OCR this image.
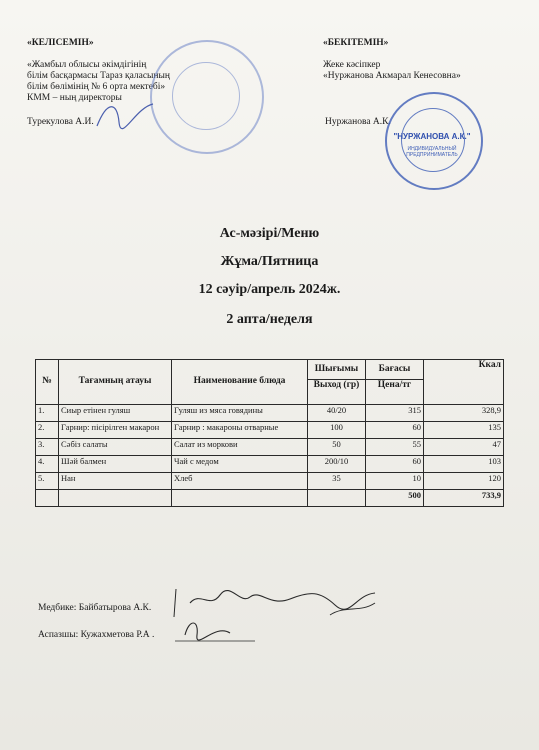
«КЕЛІСЕМІН»
«Жамбыл облысы әкімдігінің
білім басқармасы Тараз қаласының
білім бөлімінің № 6 орта мектебі»
КММ – ның директоры
Турекулова А.И.
«БЕКІТЕМІН»
Жеке кәсіпкер
«Нуржанова Акмарал Кенесовна»
Нуржанова А.К.
"НУРЖАНОВА А.К."
ИНДИВИДУАЛЬНЫЙ ПРЕДПРИНИМАТЕЛЬ
Ас-мәзірі/Меню
Жұма/Пятница
12 сәуір/апрель 2024ж.
2 апта/неделя
№	Тағамның атауы	Наименование блюда	Шығымы	Бағасы	Ккал
			Выход (гр)	Цена/тг	
1.	Сиыр етінен гуляш	Гуляш из мяса говядины	40/20	315	328,9
2.	Гарнир: пісірілген макарон	Гарнир : макароны отварные	100	60	135
3.	Сәбіз салаты	Салат из моркови	50	55	47
4.	Шәй балмен	Чай с медом	200/10	60	103
5.	Нан	Хлеб	35	10	120
				500	733,9
Медбике: Байбатырова А.К.
Аспазшы: Кужахметова Р.А .
